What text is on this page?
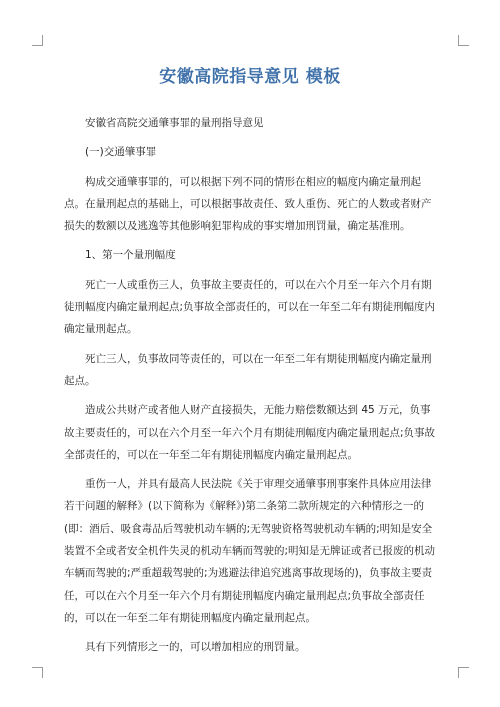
安徽高院指导意见 模板

安徽省高院交通肇事罪的量刑指导意见

(一)交通肇事罪

构成交通肇事罪的，可以根据下列不同的情形在相应的幅度内确定量刑起点。在量刑起点的基础上，可以根据事故责任、致人重伤、死亡的人数或者财产损失的数额以及逃逸等其他影响犯罪构成的事实增加刑罚量，确定基准刑。

1、第一个量刑幅度

死亡一人或重伤三人，负事故主要责任的，可以在六个月至一年六个月有期徒刑幅度内确定量刑起点;负事故全部责任的，可以在一年至二年有期徒刑幅度内确定量刑起点。

死亡三人，负事故同等责任的，可以在一年至二年有期徒刑幅度内确定量刑起点。

造成公共财产或者他人财产直接损失，无能力赔偿数额达到 45 万元，负事故主要责任的，可以在六个月至一年六个月有期徒刑幅度内确定量刑起点;负事故全部责任的，可以在一年至二年有期徒刑幅度内确定量刑起点。

重伤一人，并具有最高人民法院《关于审理交通肇事刑事案件具体应用法律若干问题的解释》(以下简称为《解释》)第二条第二款所规定的六种情形之一的(即：酒后、吸食毒品后驾驶机动车辆的;无驾驶资格驾驶机动车辆的;明知是安全装置不全或者安全机件失灵的机动车辆而驾驶的;明知是无牌证或者已报废的机动车辆而驾驶的;严重超载驾驶的;为逃避法律追究逃离事故现场的)，负事故主要责任，可以在六个月至一年六个月有期徒刑幅度内确定量刑起点;负事故全部责任的，可以在一年至二年有期徒刑幅度内确定量刑起点。

具有下列情形之一的，可以增加相应的刑罚量。
